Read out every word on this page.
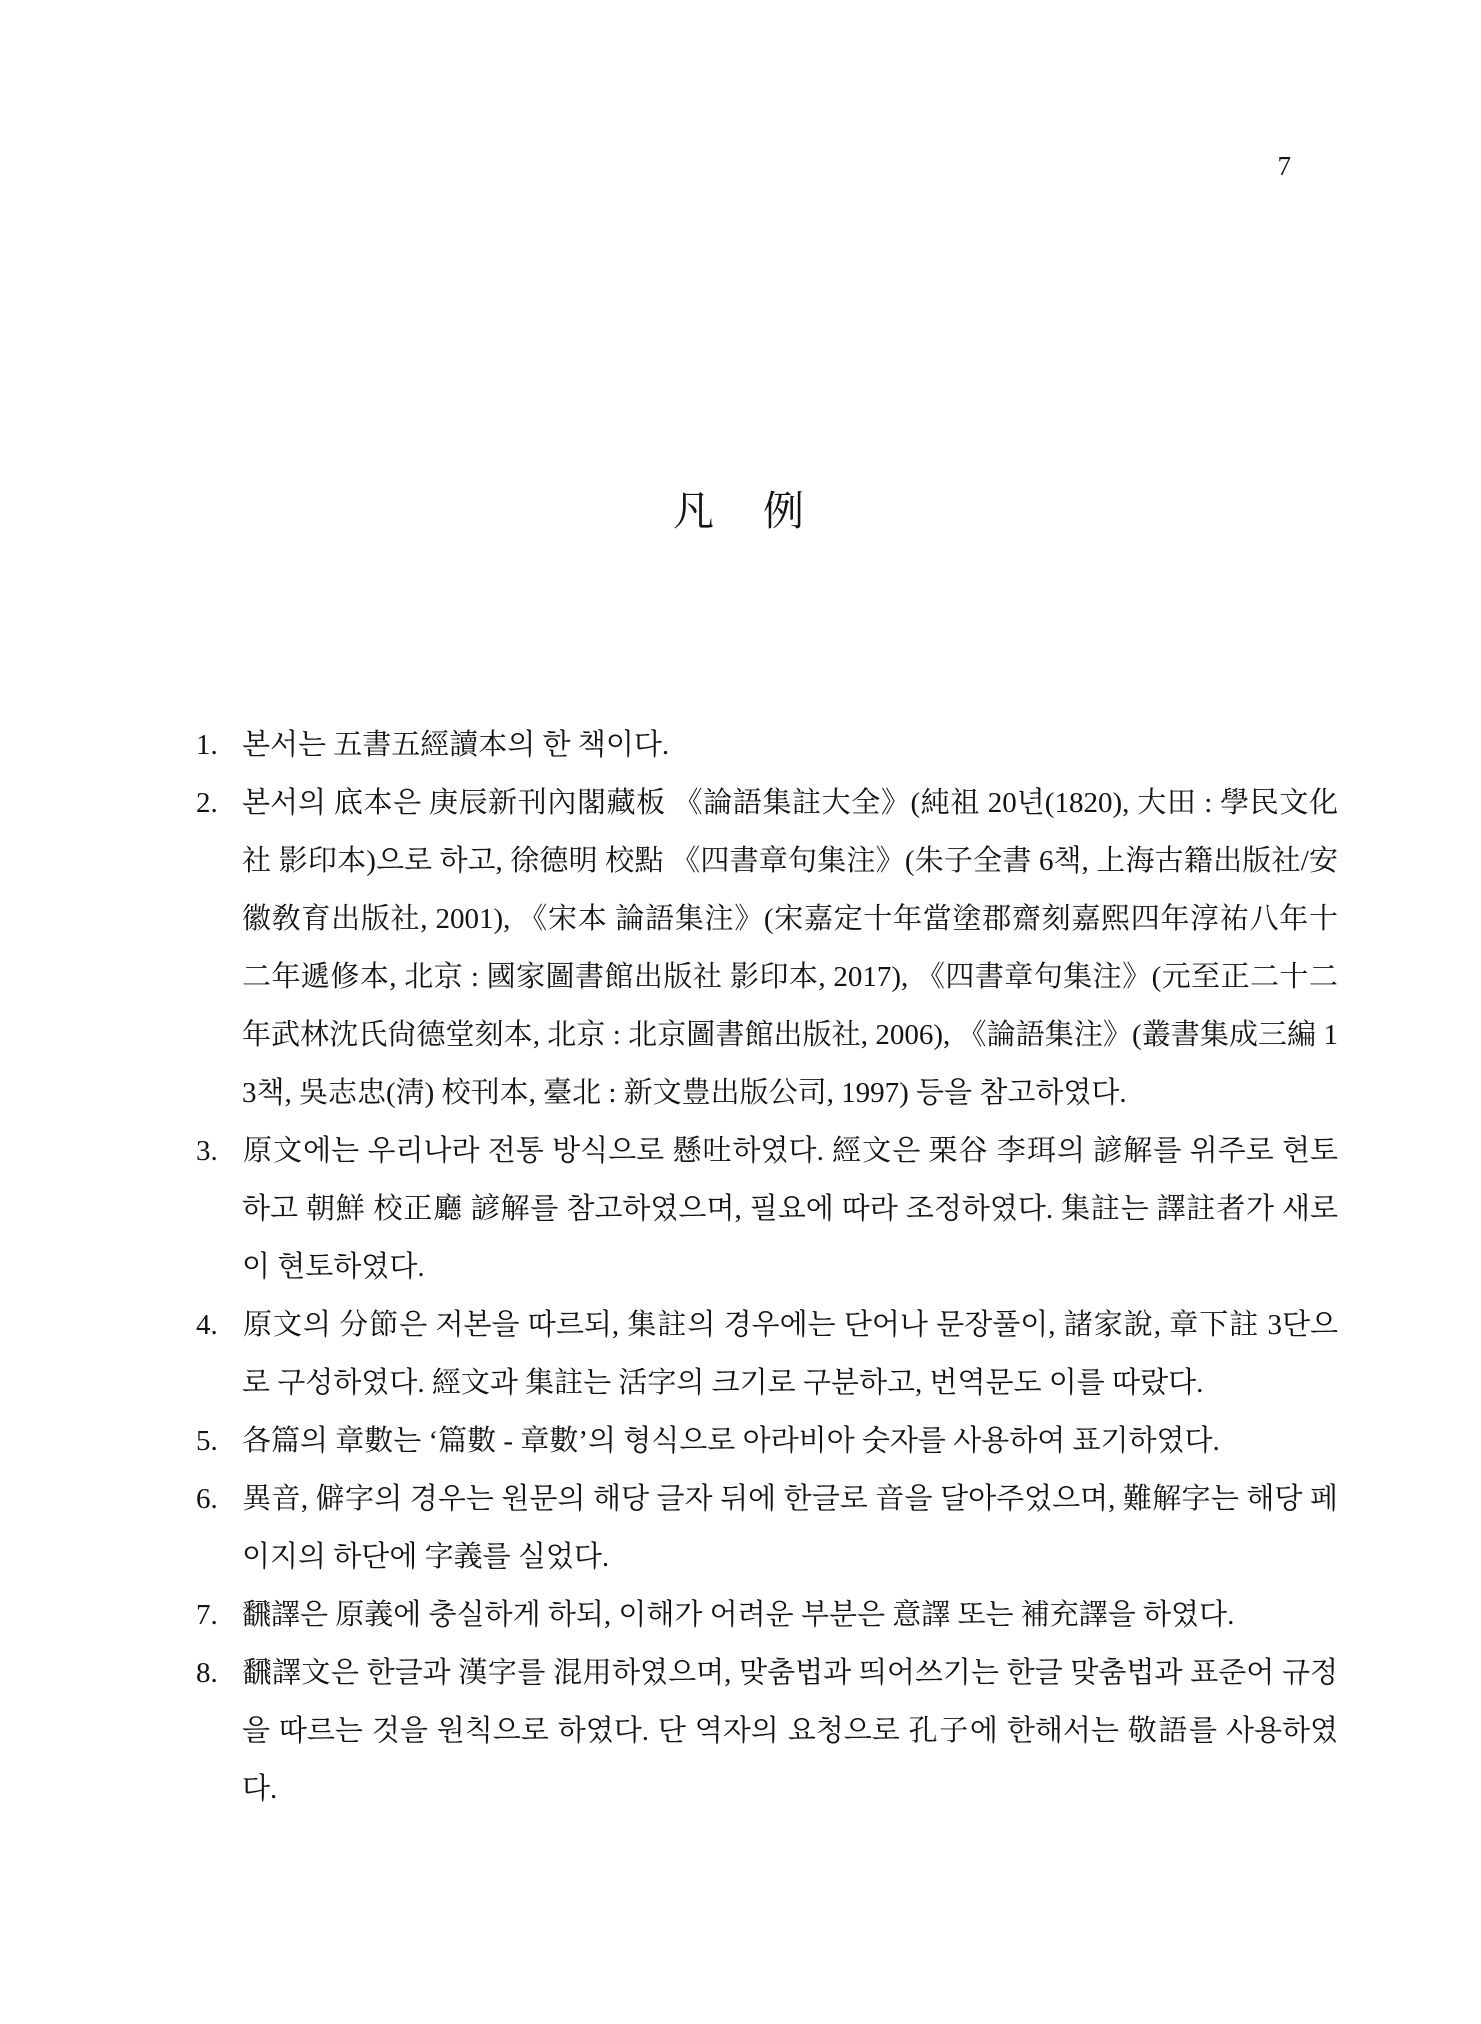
7
凡　例
1. 본서는 五書五經讀本의 한 책이다.
2. 본서의 底本은 庚辰新刊內閣藏板 《論語集註大全》(純祖 20년(1820), 大田 : 學民文化社 影印本)으로 하고, 徐德明 校點 《四書章句集注》(朱子全書 6책, 上海古籍出版社/安徽敎育出版社, 2001), 《宋本 論語集注》(宋嘉定十年當塗郡齋刻嘉熙四年淳祐八年十二年遞修本, 北京 : 國家圖書館出版社 影印本, 2017), 《四書章句集注》(元至正二十二年武林沈氏尙德堂刻本, 北京 : 北京圖書館出版社, 2006), 《論語集注》(叢書集成三編 13책, 吳志忠(淸) 校刊本, 臺北 : 新文豊出版公司, 1997) 등을 참고하였다.
3. 原文에는 우리나라 전통 방식으로 懸吐하였다. 經文은 栗谷 李珥의 諺解를 위주로 현토하고 朝鮮 校正廳 諺解를 참고하였으며, 필요에 따라 조정하였다. 集註는 譯註者가 새로이 현토하였다.
4. 原文의 分節은 저본을 따르되, 集註의 경우에는 단어나 문장풀이, 諸家說, 章下註 3단으로 구성하였다. 經文과 集註는 活字의 크기로 구분하고, 번역문도 이를 따랐다.
5. 各篇의 章數는 ‘篇數 - 章數’의 형식으로 아라비아 숫자를 사용하여 표기하였다.
6. 異音, 僻字의 경우는 원문의 해당 글자 뒤에 한글로 音을 달아주었으며, 難解字는 해당 페이지의 하단에 字義를 실었다.
7. 飜譯은 原義에 충실하게 하되, 이해가 어려운 부분은 意譯 또는 補充譯을 하였다.
8. 飜譯文은 한글과 漢字를 混用하였으며, 맞춤법과 띄어쓰기는 한글 맞춤법과 표준어 규정을 따르는 것을 원칙으로 하였다. 단 역자의 요청으로 孔子에 한해서는 敬語를 사용하였다.
